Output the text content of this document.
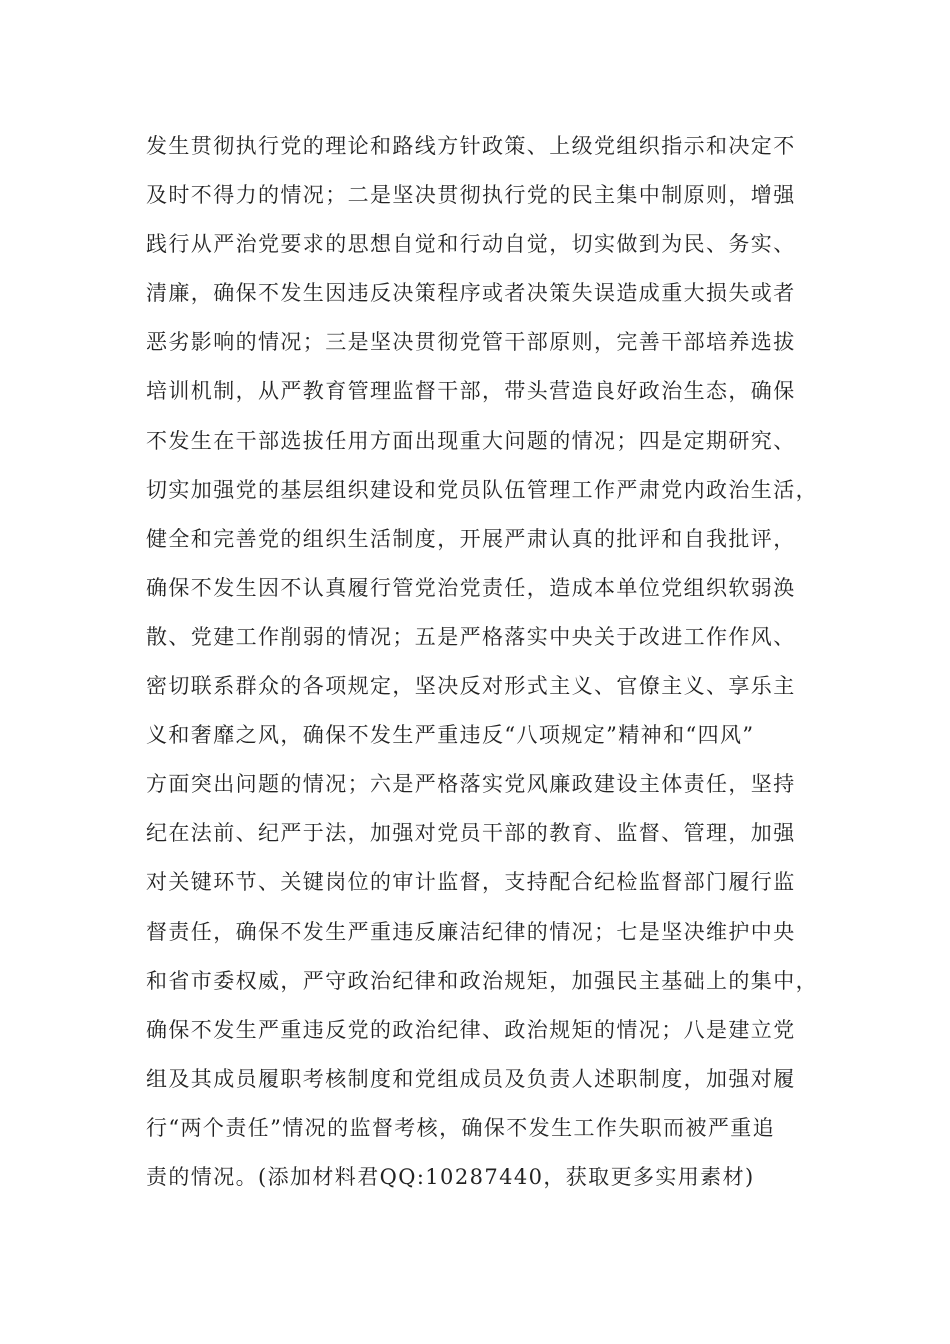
发生贯彻执行党的理论和路线方针政策、上级党组织指示和决定不
及时不得力的情况；二是坚决贯彻执行党的民主集中制原则，增强
践行从严治党要求的思想自觉和行动自觉，切实做到为民、务实、
清廉，确保不发生因违反决策程序或者决策失误造成重大损失或者
恶劣影响的情况；三是坚决贯彻党管干部原则，完善干部培养选拔
培训机制，从严教育管理监督干部，带头营造良好政治生态，确保
不发生在干部选拔任用方面出现重大问题的情况；四是定期研究、
切实加强党的基层组织建设和党员队伍管理工作严肃党内政治生活，
健全和完善党的组织生活制度，开展严肃认真的批评和自我批评，
确保不发生因不认真履行管党治党责任，造成本单位党组织软弱涣
散、党建工作削弱的情况；五是严格落实中央关于改进工作作风、
密切联系群众的各项规定，坚决反对形式主义、官僚主义、享乐主
义和奢靡之风，确保不发生严重违反“八项规定”精神和“四风”
方面突出问题的情况；六是严格落实党风廉政建设主体责任，坚持
纪在法前、纪严于法，加强对党员干部的教育、监督、管理，加强
对关键环节、关键岗位的审计监督，支持配合纪检监督部门履行监
督责任，确保不发生严重违反廉洁纪律的情况；七是坚决维护中央
和省市委权威，严守政治纪律和政治规矩，加强民主基础上的集中，
确保不发生严重违反党的政治纪律、政治规矩的情况；八是建立党
组及其成员履职考核制度和党组成员及负责人述职制度，加强对履
行“两个责任”情况的监督考核，确保不发生工作失职而被严重追
责的情况。(添加材料君QQ:10287440，获取更多实用素材)
